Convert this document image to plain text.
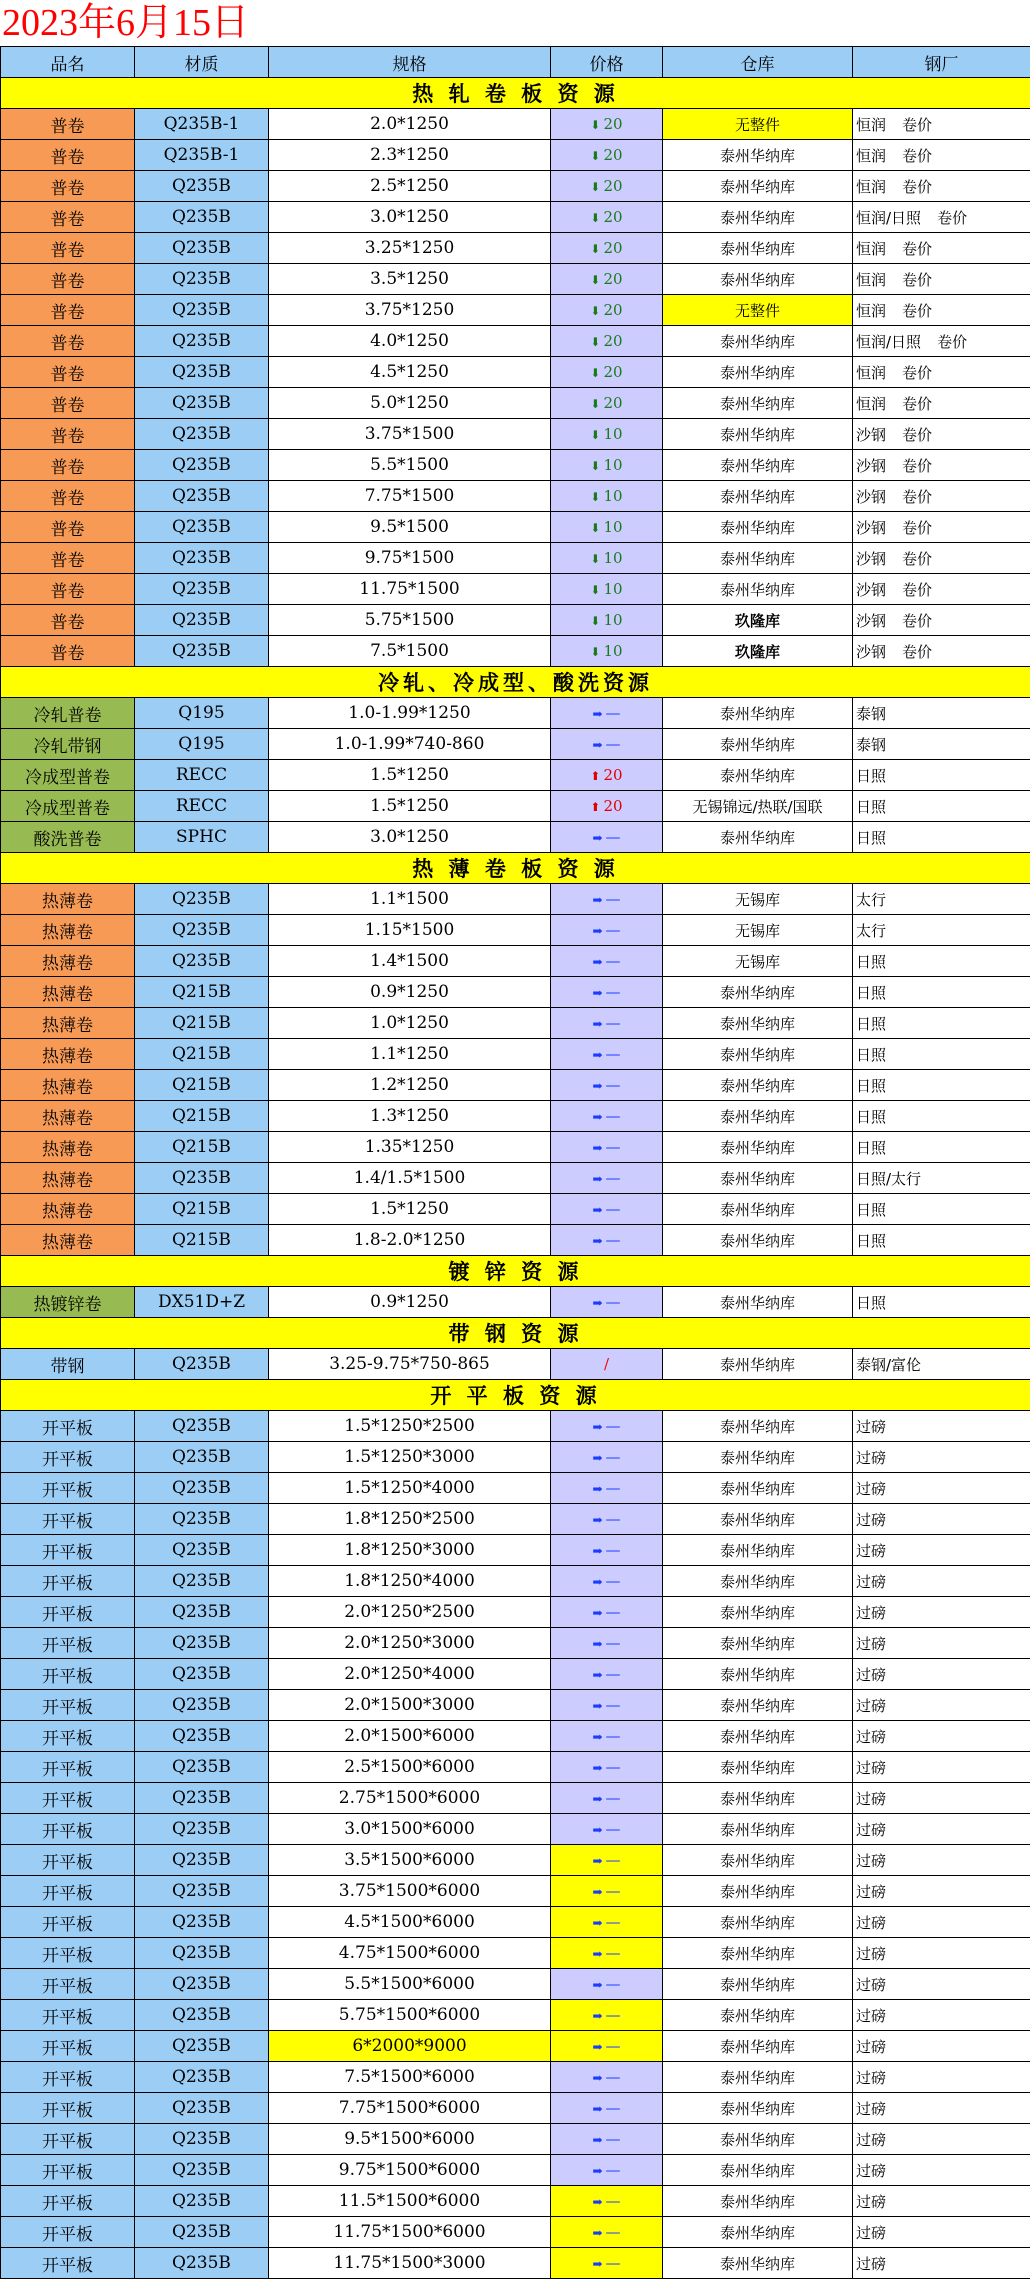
2023年6月15日
品名	材质	规格	价格	仓库	钢厂
热 轧 卷 板 资 源					
普卷	Q235B-1	2.0*1250	⬇ 20	无整件	恒润 卷价
普卷	Q235B-1	2.3*1250	⬇ 20	泰州华纳库	恒润 卷价
普卷	Q235B	2.5*1250	⬇ 20	泰州华纳库	恒润 卷价
普卷	Q235B	3.0*1250	⬇ 20	泰州华纳库	恒润/日照 卷价
普卷	Q235B	3.25*1250	⬇ 20	泰州华纳库	恒润 卷价
普卷	Q235B	3.5*1250	⬇ 20	泰州华纳库	恒润 卷价
普卷	Q235B	3.75*1250	⬇ 20	无整件	恒润 卷价
普卷	Q235B	4.0*1250	⬇ 20	泰州华纳库	恒润/日照 卷价
普卷	Q235B	4.5*1250	⬇ 20	泰州华纳库	恒润 卷价
普卷	Q235B	5.0*1250	⬇ 20	泰州华纳库	恒润 卷价
普卷	Q235B	3.75*1500	⬇ 10	泰州华纳库	沙钢 卷价
普卷	Q235B	5.5*1500	⬇ 10	泰州华纳库	沙钢 卷价
普卷	Q235B	7.75*1500	⬇ 10	泰州华纳库	沙钢 卷价
普卷	Q235B	9.5*1500	⬇ 10	泰州华纳库	沙钢 卷价
普卷	Q235B	9.75*1500	⬇ 10	泰州华纳库	沙钢 卷价
普卷	Q235B	11.75*1500	⬇ 10	泰州华纳库	沙钢 卷价
普卷	Q235B	5.75*1500	⬇ 10	玖隆库	沙钢 卷价
普卷	Q235B	7.5*1500	⬇ 10	玖隆库	沙钢 卷价
冷轧、冷成型、酸洗资源					
冷轧普卷	Q195	1.0-1.99*1250	➡ —	泰州华纳库	泰钢
冷轧带钢	Q195	1.0-1.99*740-860	➡ —	泰州华纳库	泰钢
冷成型普卷	RECC	1.5*1250	⬆ 20	泰州华纳库	日照
冷成型普卷	RECC	1.5*1250	⬆ 20	无锡锦远/热联/国联	日照
酸洗普卷	SPHC	3.0*1250	➡ —	泰州华纳库	日照
热 薄 卷 板 资 源					
热薄卷	Q235B	1.1*1500	➡ —	无锡库	太行
热薄卷	Q235B	1.15*1500	➡ —	无锡库	太行
热薄卷	Q235B	1.4*1500	➡ —	无锡库	日照
热薄卷	Q215B	0.9*1250	➡ —	泰州华纳库	日照
热薄卷	Q215B	1.0*1250	➡ —	泰州华纳库	日照
热薄卷	Q215B	1.1*1250	➡ —	泰州华纳库	日照
热薄卷	Q215B	1.2*1250	➡ —	泰州华纳库	日照
热薄卷	Q215B	1.3*1250	➡ —	泰州华纳库	日照
热薄卷	Q215B	1.35*1250	➡ —	泰州华纳库	日照
热薄卷	Q235B	1.4/1.5*1500	➡ —	泰州华纳库	日照/太行
热薄卷	Q215B	1.5*1250	➡ —	泰州华纳库	日照
热薄卷	Q215B	1.8-2.0*1250	➡ —	泰州华纳库	日照
镀 锌 资 源					
热镀锌卷	DX51D+Z	0.9*1250	➡ —	泰州华纳库	日照
带 钢 资 源					
带钢	Q235B	3.25-9.75*750-865	/	泰州华纳库	泰钢/富伦
开 平 板 资 源					
开平板	Q235B	1.5*1250*2500	➡ —	泰州华纳库	过磅
开平板	Q235B	1.5*1250*3000	➡ —	泰州华纳库	过磅
开平板	Q235B	1.5*1250*4000	➡ —	泰州华纳库	过磅
开平板	Q235B	1.8*1250*2500	➡ —	泰州华纳库	过磅
开平板	Q235B	1.8*1250*3000	➡ —	泰州华纳库	过磅
开平板	Q235B	1.8*1250*4000	➡ —	泰州华纳库	过磅
开平板	Q235B	2.0*1250*2500	➡ —	泰州华纳库	过磅
开平板	Q235B	2.0*1250*3000	➡ —	泰州华纳库	过磅
开平板	Q235B	2.0*1250*4000	➡ —	泰州华纳库	过磅
开平板	Q235B	2.0*1500*3000	➡ —	泰州华纳库	过磅
开平板	Q235B	2.0*1500*6000	➡ —	泰州华纳库	过磅
开平板	Q235B	2.5*1500*6000	➡ —	泰州华纳库	过磅
开平板	Q235B	2.75*1500*6000	➡ —	泰州华纳库	过磅
开平板	Q235B	3.0*1500*6000	➡ —	泰州华纳库	过磅
开平板	Q235B	3.5*1500*6000	➡ —	泰州华纳库	过磅
开平板	Q235B	3.75*1500*6000	➡ —	泰州华纳库	过磅
开平板	Q235B	4.5*1500*6000	➡ —	泰州华纳库	过磅
开平板	Q235B	4.75*1500*6000	➡ —	泰州华纳库	过磅
开平板	Q235B	5.5*1500*6000	➡ —	泰州华纳库	过磅
开平板	Q235B	5.75*1500*6000	➡ —	泰州华纳库	过磅
开平板	Q235B	6*2000*9000	➡ —	泰州华纳库	过磅
开平板	Q235B	7.5*1500*6000	➡ —	泰州华纳库	过磅
开平板	Q235B	7.75*1500*6000	➡ —	泰州华纳库	过磅
开平板	Q235B	9.5*1500*6000	➡ —	泰州华纳库	过磅
开平板	Q235B	9.75*1500*6000	➡ —	泰州华纳库	过磅
开平板	Q235B	11.5*1500*6000	➡ —	泰州华纳库	过磅
开平板	Q235B	11.75*1500*6000	➡ —	泰州华纳库	过磅
开平板	Q235B	11.75*1500*3000	➡ —	泰州华纳库	过磅
